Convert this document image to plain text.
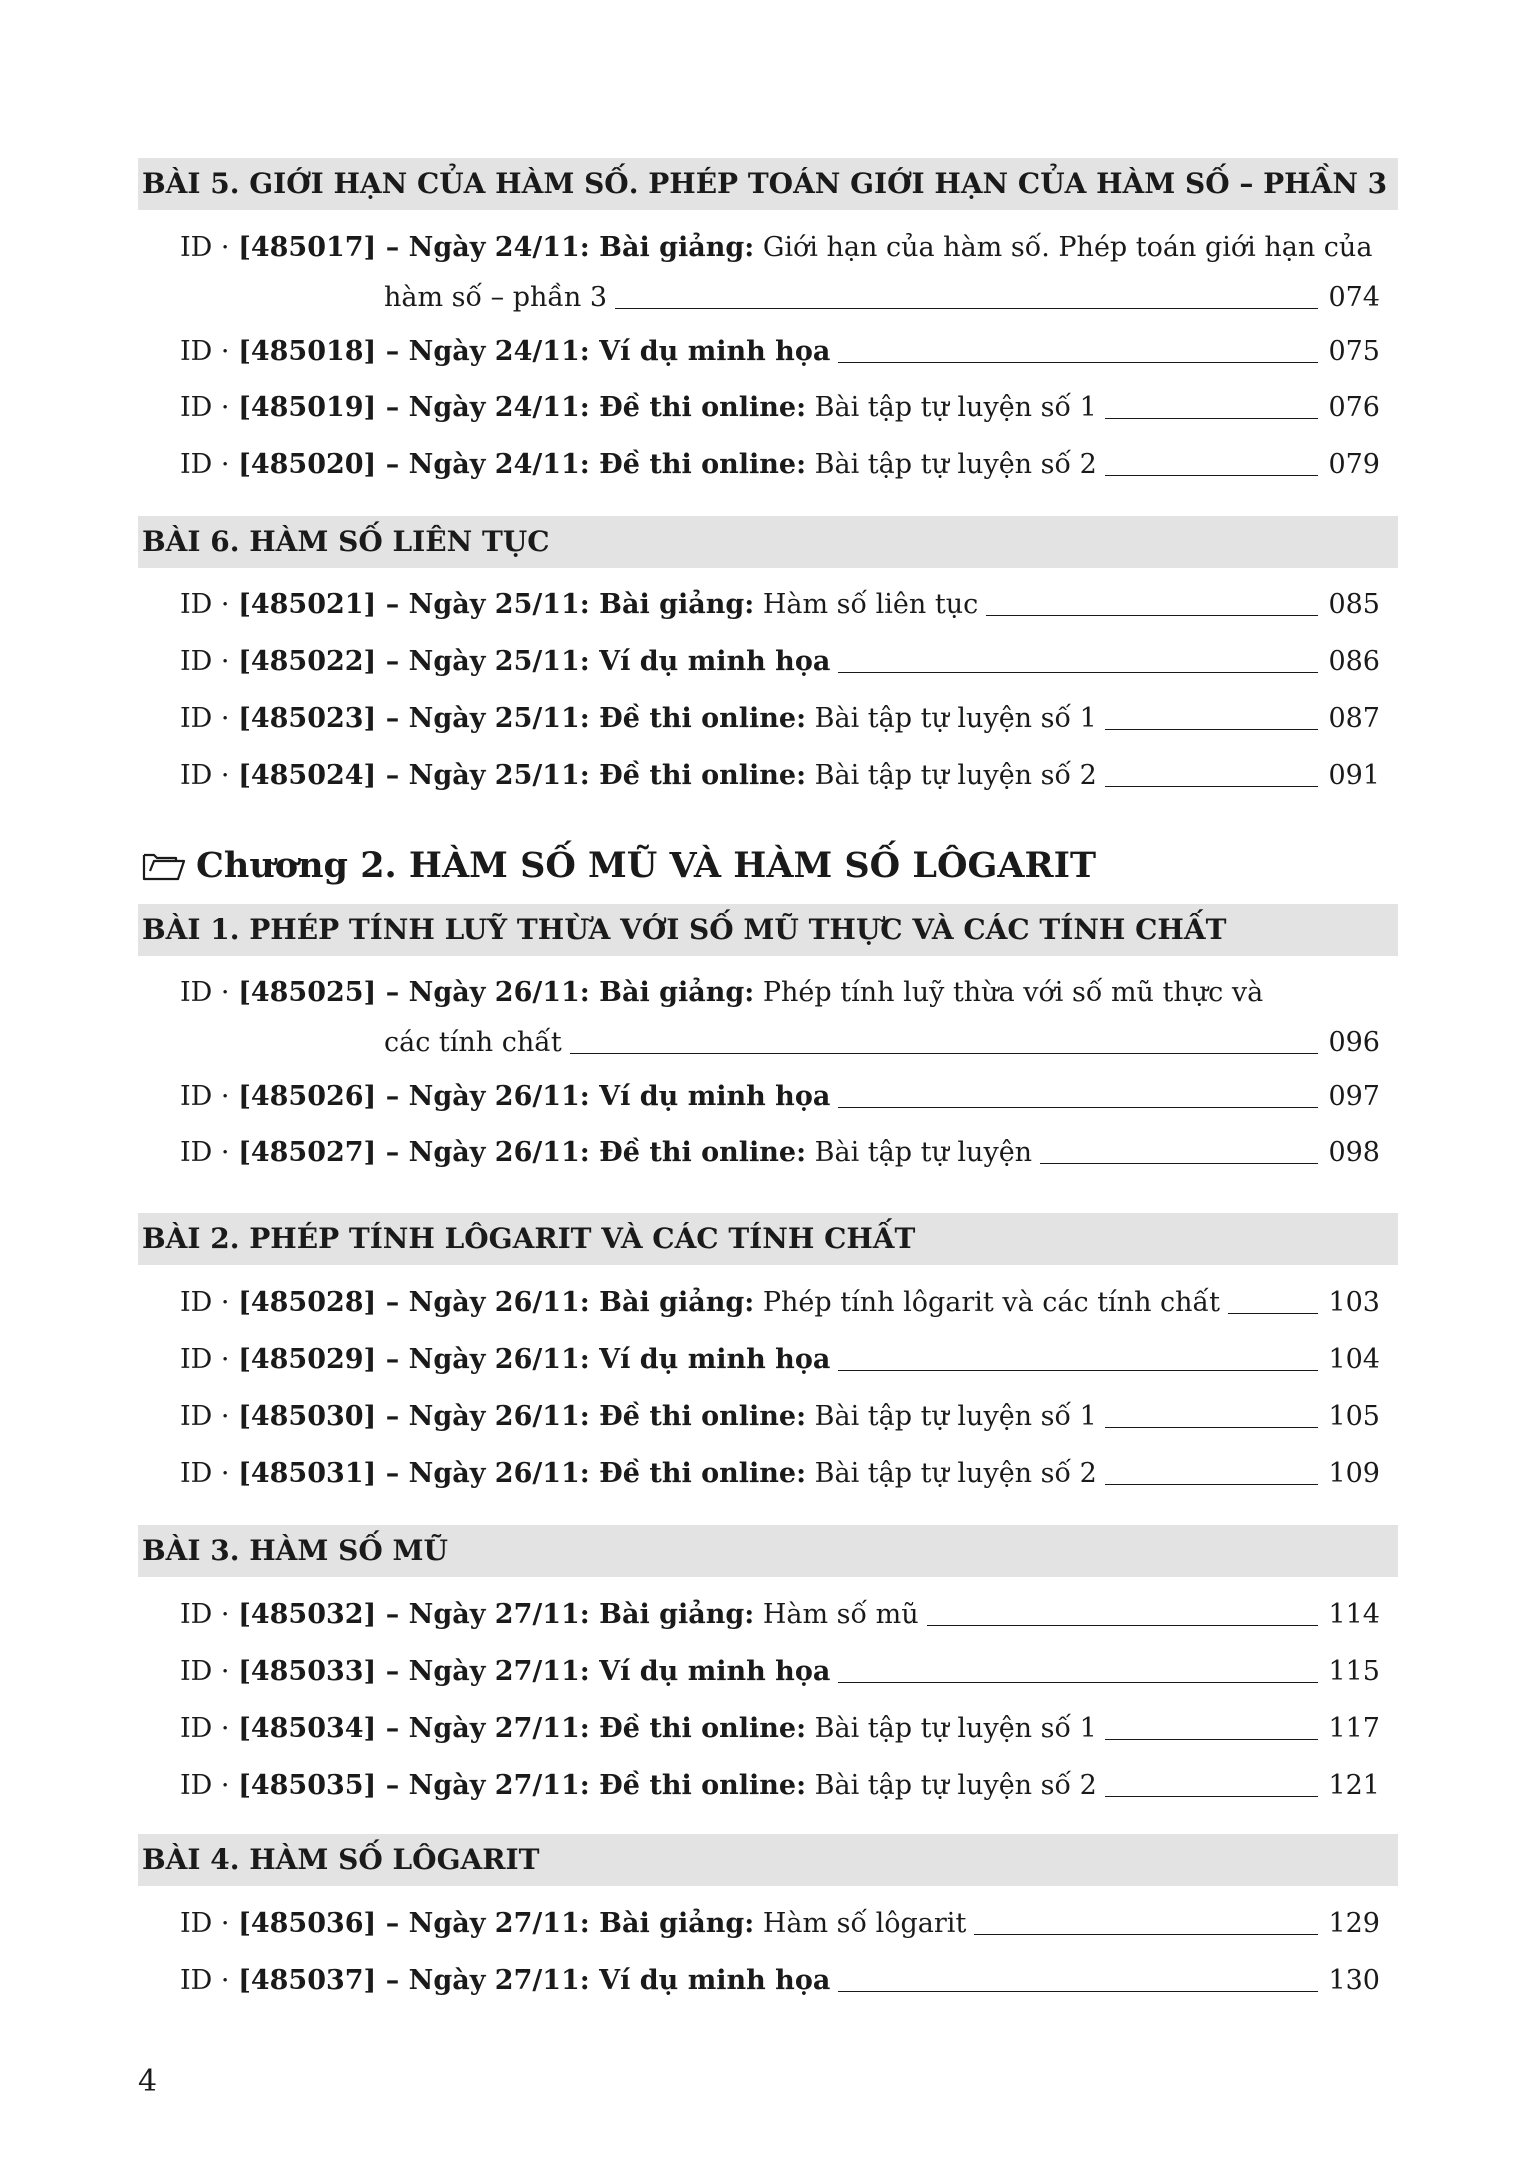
Chương 2. HÀM SỐ MŨ VÀ HÀM SỐ LÔGARIT
4
BÀI 5. GIỚI HẠN CỦA HÀM SỐ. PHÉP TOÁN GIỚI HẠN CỦA HÀM SỐ – PHẦN 3
ID · [485017] – Ngày 24/11: Bài giảng: Giới hạn của hàm số. Phép toán giới hạn của
hàm số – phần 3	074
ID · [485018] – Ngày 24/11: Ví dụ minh họa	075
ID · [485019] – Ngày 24/11: Đề thi online: Bài tập tự luyện số 1	076
ID · [485020] – Ngày 24/11: Đề thi online: Bài tập tự luyện số 2	079
BÀI 6. HÀM SỐ LIÊN TỤC
ID · [485021] – Ngày 25/11: Bài giảng: Hàm số liên tục	085
ID · [485022] – Ngày 25/11: Ví dụ minh họa	086
ID · [485023] – Ngày 25/11: Đề thi online: Bài tập tự luyện số 1	087
ID · [485024] – Ngày 25/11: Đề thi online: Bài tập tự luyện số 2	091
BÀI 1. PHÉP TÍNH LUỸ THỪA VỚI SỐ MŨ THỰC VÀ CÁC TÍNH CHẤT
ID · [485025] – Ngày 26/11: Bài giảng: Phép tính luỹ thừa với số mũ thực và
các tính chất	096
ID · [485026] – Ngày 26/11: Ví dụ minh họa	097
ID · [485027] – Ngày 26/11: Đề thi online: Bài tập tự luyện	098
BÀI 2. PHÉP TÍNH LÔGARIT VÀ CÁC TÍNH CHẤT
ID · [485028] – Ngày 26/11: Bài giảng: Phép tính lôgarit và các tính chất	103
ID · [485029] – Ngày 26/11: Ví dụ minh họa	104
ID · [485030] – Ngày 26/11: Đề thi online: Bài tập tự luyện số 1	105
ID · [485031] – Ngày 26/11: Đề thi online: Bài tập tự luyện số 2	109
BÀI 3. HÀM SỐ MŨ
ID · [485032] – Ngày 27/11: Bài giảng: Hàm số mũ	114
ID · [485033] – Ngày 27/11: Ví dụ minh họa	115
ID · [485034] – Ngày 27/11: Đề thi online: Bài tập tự luyện số 1	117
ID · [485035] – Ngày 27/11: Đề thi online: Bài tập tự luyện số 2	121
BÀI 4. HÀM SỐ LÔGARIT
ID · [485036] – Ngày 27/11: Bài giảng: Hàm số lôgarit	129
ID · [485037] – Ngày 27/11: Ví dụ minh họa	130
